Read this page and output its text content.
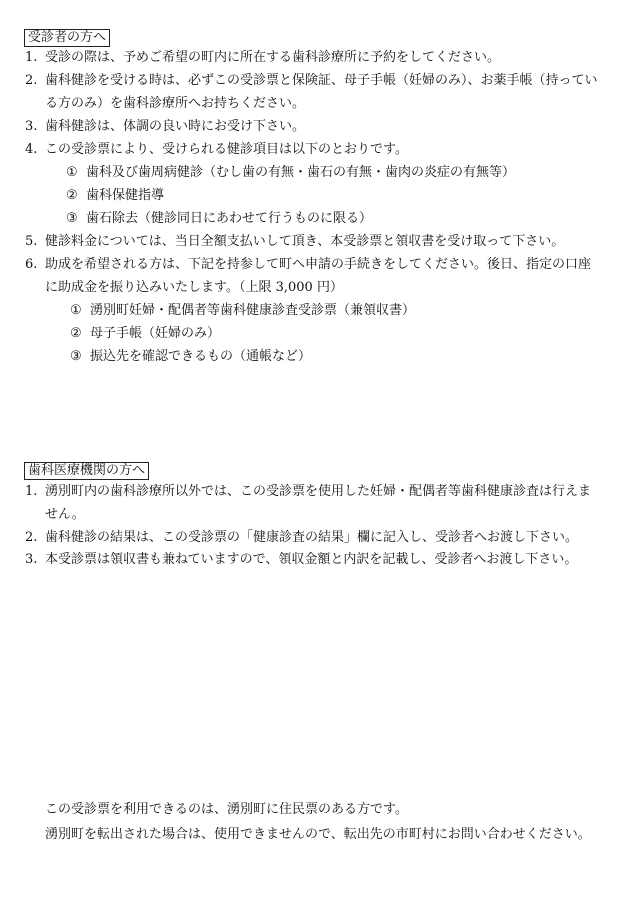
受診者の方へ
1. 受診の際は、予めご希望の町内に所在する歯科診療所に予約をしてください。
2. 歯科健診を受ける時は、必ずこの受診票と保険証、母子手帳（妊婦のみ）、お薬手帳（持ってい
る方のみ）を歯科診療所へお持ちください。
3. 歯科健診は、体調の良い時にお受け下さい。
4. この受診票により、受けられる健診項目は以下のとおりです。
① 歯科及び歯周病健診（むし歯の有無・歯石の有無・歯肉の炎症の有無等）
② 歯科保健指導
③ 歯石除去（健診同日にあわせて行うものに限る）
5. 健診料金については、当日全額支払いして頂き、本受診票と領収書を受け取って下さい。
6. 助成を希望される方は、下記を持参して町へ申請の手続きをしてください。後日、指定の口座
に助成金を振り込みいたします。（上限 3,000 円）
① 湧別町妊婦・配偶者等歯科健康診査受診票（兼領収書）
② 母子手帳（妊婦のみ）
③ 振込先を確認できるもの（通帳など）
歯科医療機関の方へ
1. 湧別町内の歯科診療所以外では、この受診票を使用した妊婦・配偶者等歯科健康診査は行えま
せん。
2. 歯科健診の結果は、この受診票の「健康診査の結果」欄に記入し、受診者へお渡し下さい。
3. 本受診票は領収書も兼ねていますので、領収金額と内訳を記載し、受診者へお渡し下さい。
この受診票を利用できるのは、湧別町に住民票のある方です。
湧別町を転出された場合は、使用できませんので、転出先の市町村にお問い合わせください。
